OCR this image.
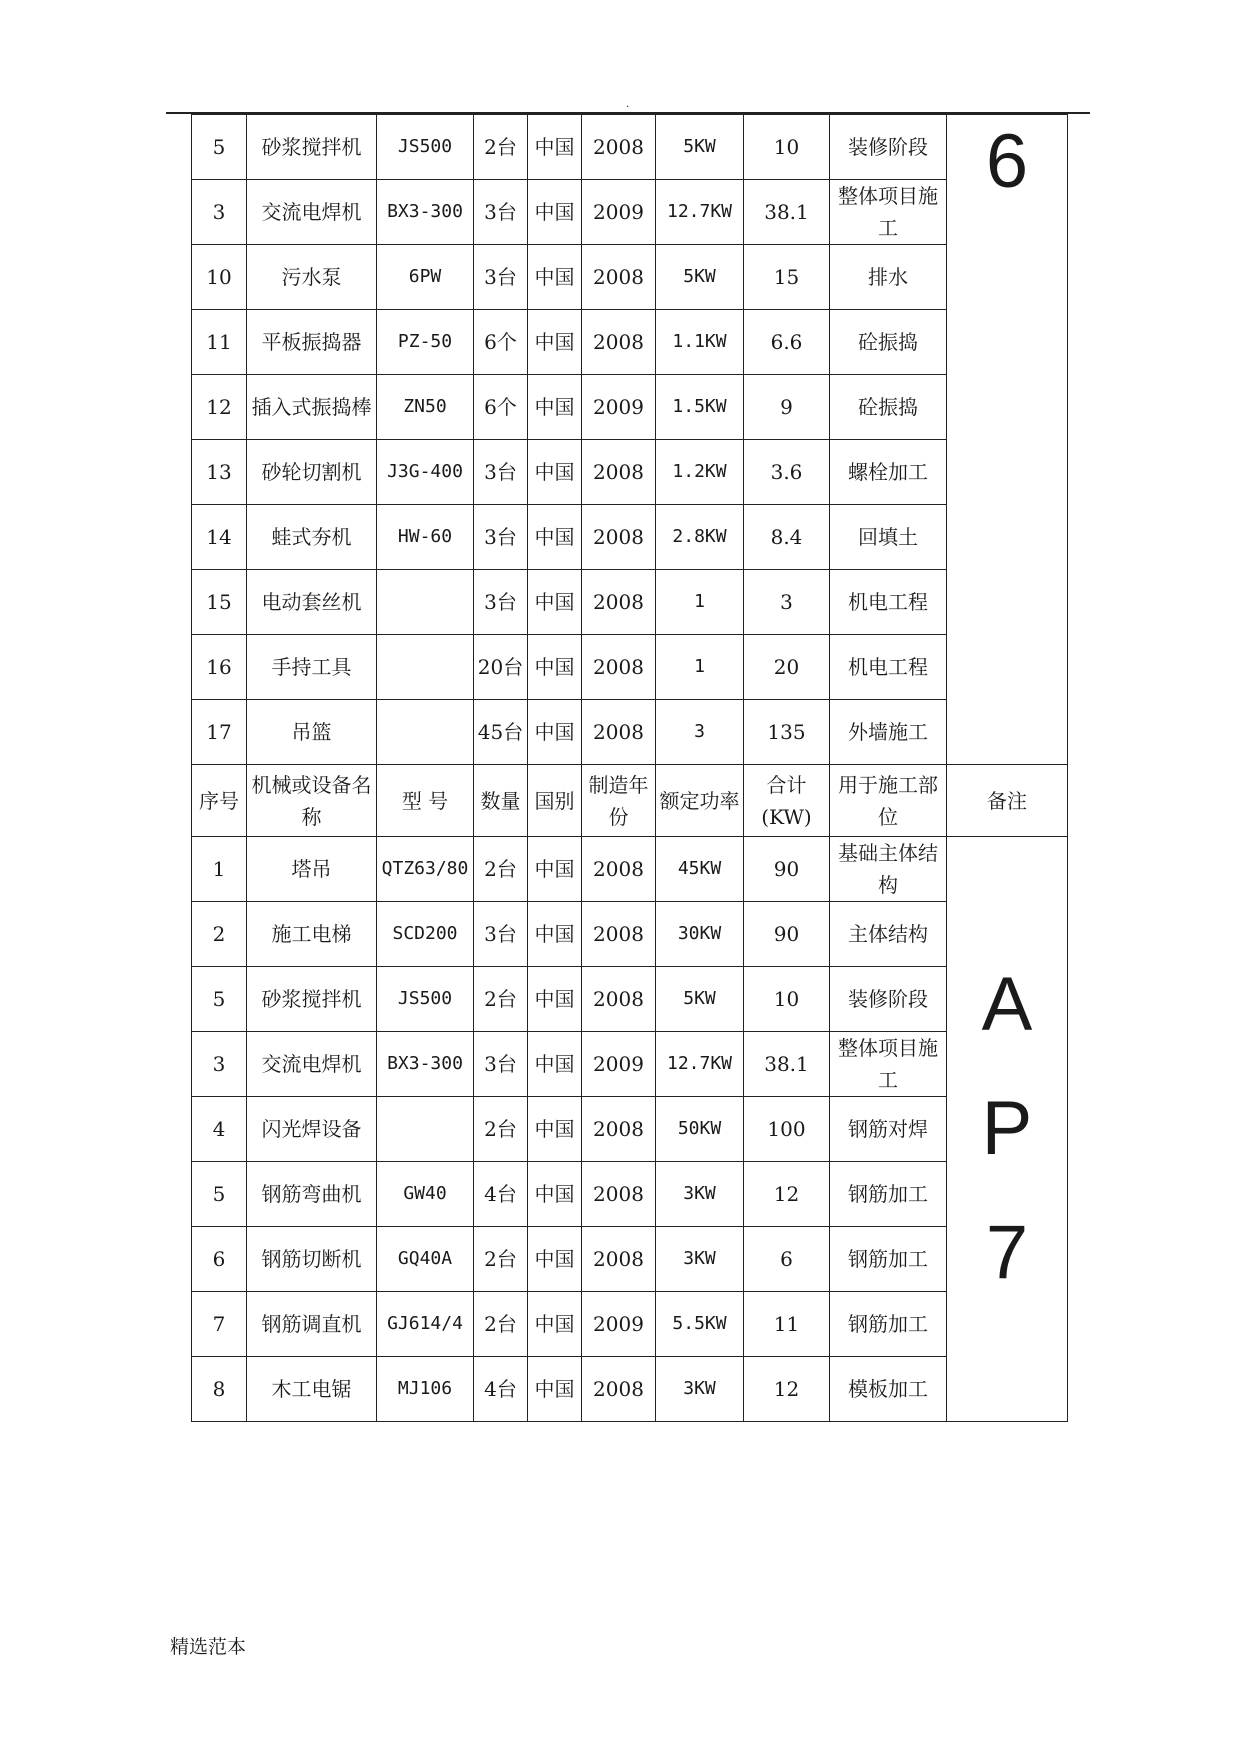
.
5	砂浆搅拌机	JS500	2台	中国	2008	5KW	10	装修阶段	6

3	交流电焊机	BX3-300	3台	中国	2009	12.7KW	38.1	整体项目施工	
10	污水泵	6PW	3台	中国	2008	5KW	15	排水	
11	平板振捣器	PZ-50	6个	中国	2008	1.1KW	6.6	砼振捣	
12	插入式振捣棒	ZN50	6个	中国	2009	1.5KW	9	砼振捣	
13	砂轮切割机	J3G-400	3台	中国	2008	1.2KW	3.6	螺栓加工	
14	蛙式夯机	HW-60	3台	中国	2008	2.8KW	8.4	回填土	
15	电动套丝机		3台	中国	2008	1	3	机电工程	
16	手持工具		20台	中国	2008	1	20	机电工程	
17	吊篮		45台	中国	2008	3	135	外墙施工	
序号	机械或设备名称	型 号	数量	国别	制造年份	额定功率	合计(KW)	用于施工部位	备注
1	塔吊	QTZ63/80	2台	中国	2008	45KW	90	基础主体结构	AP7

2	施工电梯	SCD200	3台	中国	2008	30KW	90	主体结构	
5	砂浆搅拌机	JS500	2台	中国	2008	5KW	10	装修阶段	
3	交流电焊机	BX3-300	3台	中国	2009	12.7KW	38.1	整体项目施工	
4	闪光焊设备		2台	中国	2008	50KW	100	钢筋对焊	
5	钢筋弯曲机	GW40	4台	中国	2008	3KW	12	钢筋加工	
6	钢筋切断机	GQ40A	2台	中国	2008	3KW	6	钢筋加工	
7	钢筋调直机	GJ614/4	2台	中国	2009	5.5KW	11	钢筋加工	
8	木工电锯	MJ106	4台	中国	2008	3KW	12	模板加工	
精选范本
